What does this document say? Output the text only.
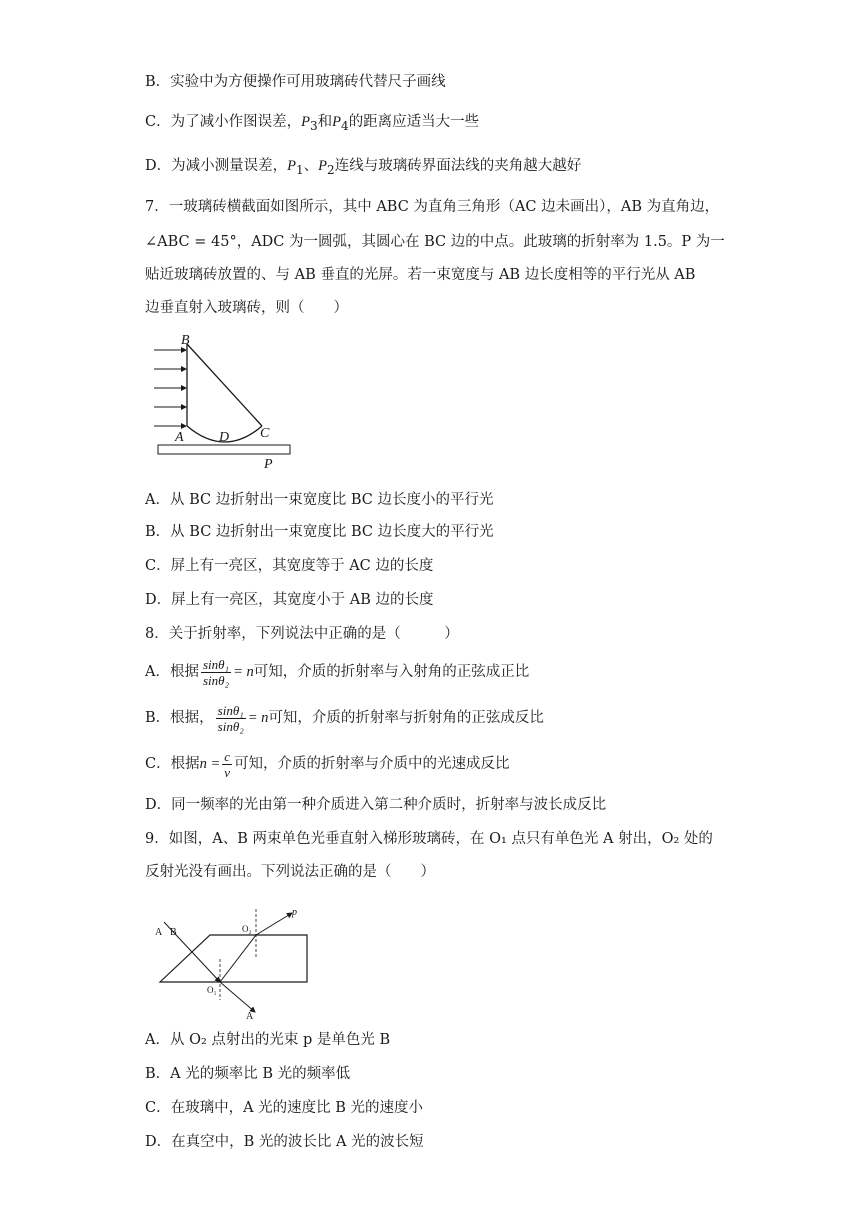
B．实验中为方便操作可用玻璃砖代替尺子画线
C．为了减小作图误差，$P_3$和$P_4$的距离应适当大一些
D．为减小测量误差，$P_1$、$P_2$连线与玻璃砖界面法线的夹角越大越好
7．一玻璃砖横截面如图所示，其中 ABC 为直角三角形（AC 边未画出），AB 为直角边，
∠ABC = 45°，ADC 为一圆弧，其圆心在 BC 边的中点。此玻璃的折射率为 1.5。P 为一
贴近玻璃砖放置的、与 AB 垂直的光屏。若一束宽度与 AB 边长度相等的平行光从 AB
边垂直射入玻璃砖，则（　　）
B
A	D C
P
A．从 BC 边折射出一束宽度比 BC 边长度小的平行光
B．从 BC 边折射出一束宽度比 BC 边长度大的平行光
C．屏上有一亮区，其宽度等于 AC 边的长度
D．屏上有一亮区，其宽度小于 AB 边的长度
8．关于折射率，下列说法中正确的是（　　　）
A．根据 $\frac{\text{sinθ₁}}{\text{sinθ₂}} = n$可知，介质的折射率与入射角的正弦成正比
B．根据， $\frac{\text{sinθ₁}}{\text{sinθ₂}} = n$可知，介质的折射率与折射角的正弦成反比
C．根据$n = \frac{c}{v}$ 可知，介质的折射率与介质中的光速成反比
D．同一频率的光由第一种介质进入第二种介质时，折射率与波长成反比
9．如图，A、B 两束单色光垂直射入梯形玻璃砖，在 O₁ 点只有单色光 A 射出，O₂ 处的
反射光没有画出。下列说法正确的是（　　）
A B	O₂
p
O₁
A
A．从 O₂ 点射出的光束 p 是单色光 B
B．A 光的频率比 B 光的频率低
C．在玻璃中，A 光的速度比 B 光的速度小
D．在真空中，B 光的波长比 A 光的波长短
